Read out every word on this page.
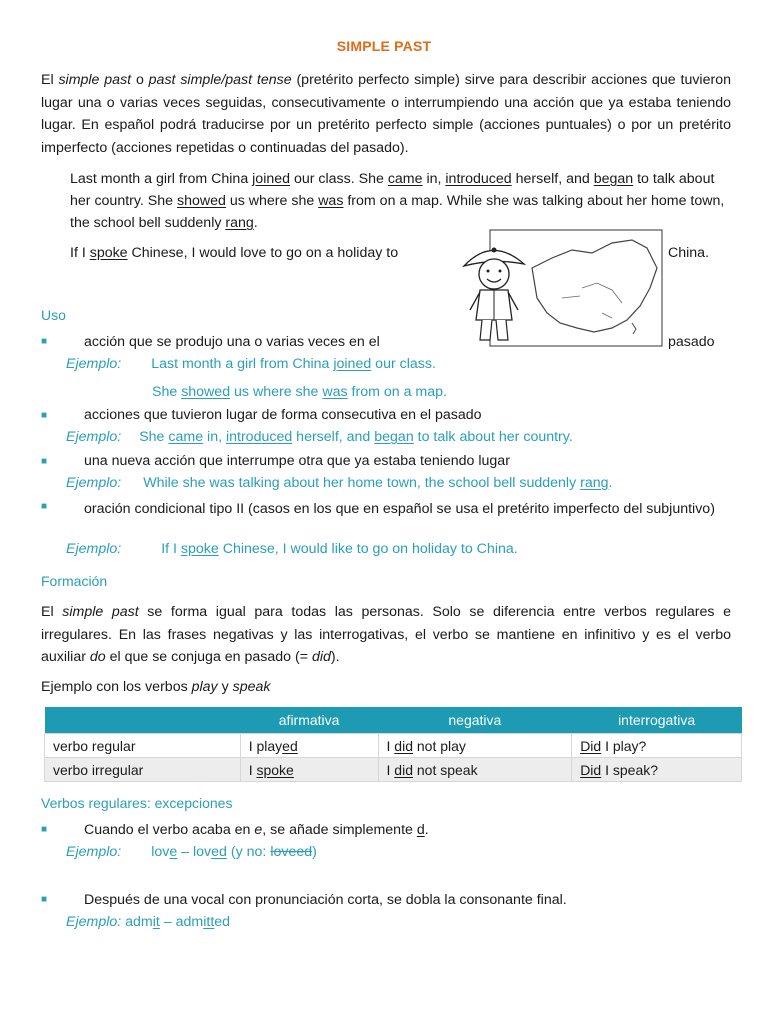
SIMPLE PAST
El simple past o past simple/past tense (pretérito perfecto simple) sirve para describir acciones que tuvieron lugar una o varias veces seguidas, consecutivamente o interrumpiendo una acción que ya estaba teniendo lugar. En español podrá traducirse por un pretérito perfecto simple (acciones puntuales) o por un pretérito imperfecto (acciones repetidas o continuadas del pasado).
Last month a girl from China joined our class. She came in, introduced herself, and began to talk about her country. She showed us where she was from on a map. While she was talking about her home town, the school bell suddenly rang.
If I spoke Chinese, I would love to go on a holiday to	China.
Uso
■	acción que se produjo una o varias veces en el	pasado
Ejemplo: Last month a girl from China joined our class.
She showed us where she was from on a map.
■	acciones que tuvieron lugar de forma consecutiva en el pasado
Ejemplo: She came in, introduced herself, and began to talk about her country.
■	una nueva acción que interrumpe otra que ya estaba teniendo lugar
Ejemplo: While she was talking about her home town, the school bell suddenly rang.
■	oración condicional tipo II (casos en los que en español se usa el pretérito imperfecto del subjuntivo)
Ejemplo:	If I spoke Chinese, I would like to go on holiday to China.
Formación
El simple past se forma igual para todas las personas. Solo se diferencia entre verbos regulares e irregulares. En las frases negativas y las interrogativas, el verbo se mantiene en infinitivo y es el verbo auxiliar do el que se conjuga en pasado (= did).
Ejemplo con los verbos play y speak
	afirmativa	negativa	interrogativa
verbo regular	I played	I did not play	Did I play?
verbo irregular	I spoke	I did not speak	Did I speak?
Verbos regulares: excepciones
■	Cuando el verbo acaba en e, se añade simplemente d.
Ejemplo: love – loved (y no: loveed)
■	Después de una vocal con pronunciación corta, se dobla la consonante final.
Ejemplo: admit – admitted
